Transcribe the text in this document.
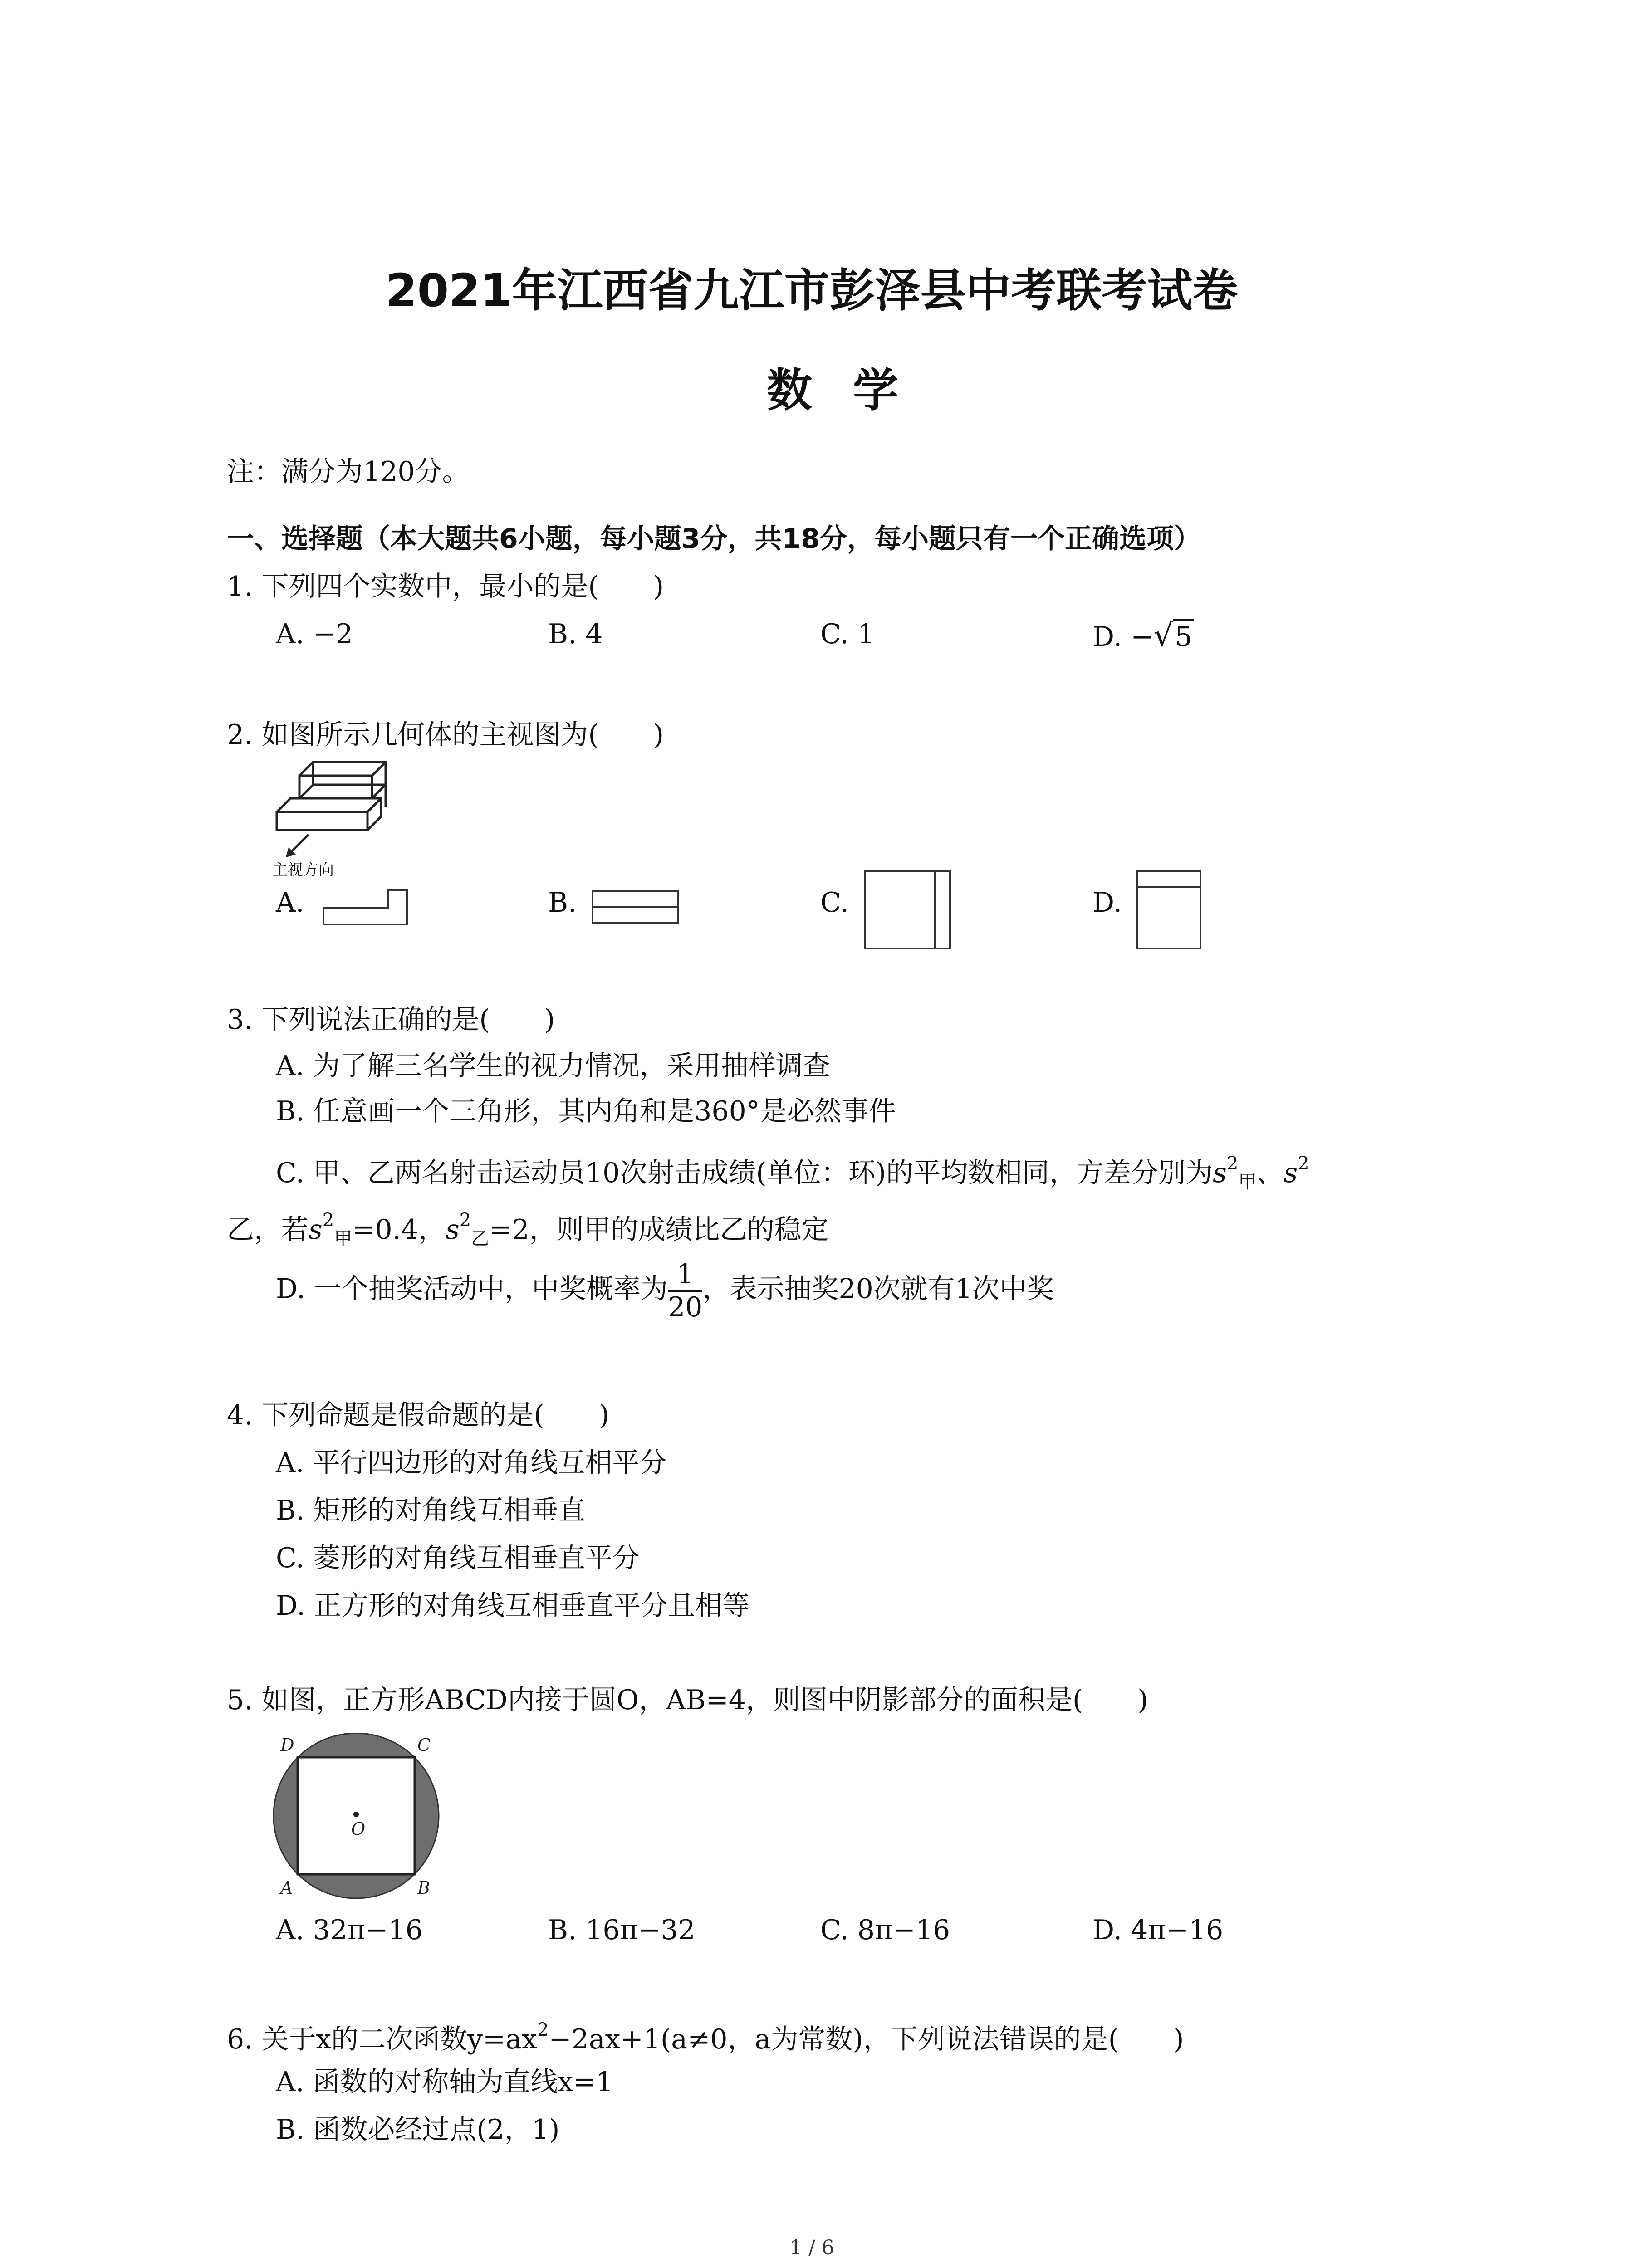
2021年江西省九江市彭泽县中考联考试卷
数学
注：满分为120分。
一、选择题（本大题共6小题，每小题3分，共18分，每小题只有一个正确选项）
1. 下列四个实数中，最小的是(　　)
A. −2	B. 4	C. 1	D. −√5
2. 如图所示几何体的主视图为(　　)
主视方向
A.	B.	C.	D.
3. 下列说法正确的是(　　)
A. 为了解三名学生的视力情况，采用抽样调查
B. 任意画一个三角形，其内角和是360°是必然事件
C. 甲、乙两名射击运动员10次射击成绩(单位：环)的平均数相同，方差分别为$s^2_甲$、$s^2$
乙，若$s^2_甲=0.4$，$s^2_乙=2$，则甲的成绩比乙的稳定
D. 一个抽奖活动中，中奖概率为 $\frac{1}{20}$ ，表示抽奖20次就有1次中奖
4. 下列命题是假命题的是(　　)
A. 平行四边形的对角线互相平分
B. 矩形的对角线互相垂直
C. 菱形的对角线互相垂直平分
D. 正方形的对角线互相垂直平分且相等
5. 如图，正方形ABCD内接于圆O，AB=4，则图中阴影部分的面积是(　　)
D	C
A	B
O
A. 32π−16	B. 16π−32	C. 8π−16	D. 4π−16
6. 关于x的二次函数$y=ax^2-2ax+1(a\ne 0$，a为常数)，下列说法错误的是(　　)
A. 函数的对称轴为直线x=1
B. 函数必经过点(2，1)
1 / 6
